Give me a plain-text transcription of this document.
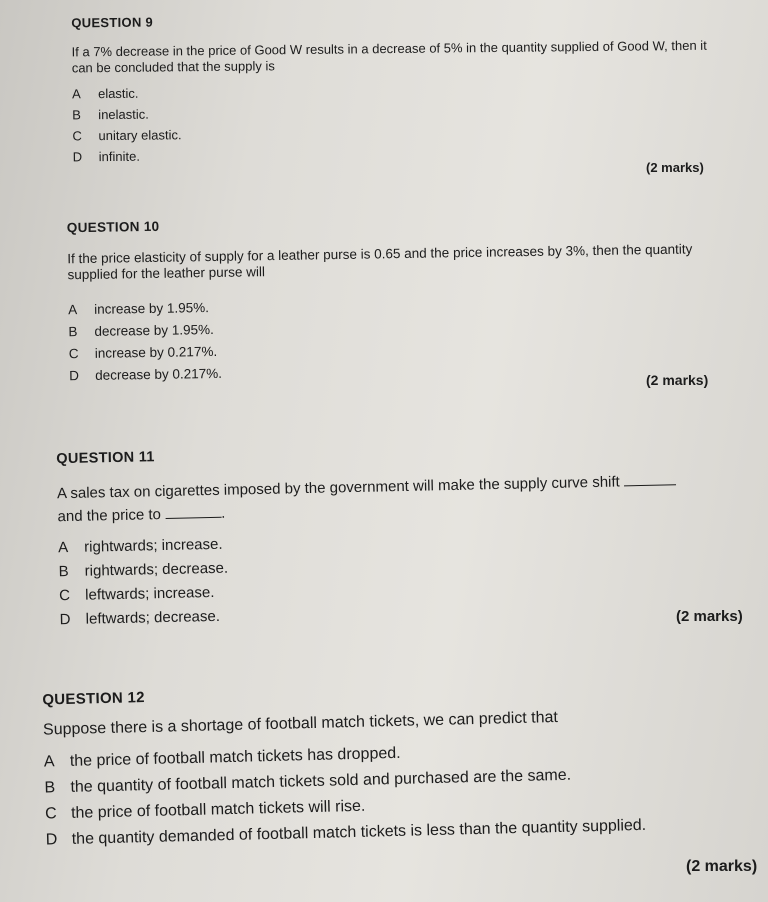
QUESTION 9

If a 7% decrease in the price of Good W results in a decrease of 5% in the quantity supplied of Good W, then it can be concluded that the supply is

A	elastic.
B	inelastic.
C	unitary elastic.
D	infinite.
(2 marks)
QUESTION 10

If the price elasticity of supply for a leather purse is 0.65 and the price increases by 3%, then the quantity supplied for the leather purse will

A	increase by 1.95%.
B	decrease by 1.95%.
C	increase by 0.217%.
D	decrease by 0.217%.	(2 marks)
QUESTION 11

A sales tax on cigarettes imposed by the government will make the supply curve shift
and the price to	.

A rightwards; increase.
B rightwards; decrease.
C leftwards; increase.
D leftwards; decrease.	(2 marks)
QUESTION 12

Suppose there is a shortage of football match tickets, we can predict that

A the price of football match tickets has dropped.
B the quantity of football match tickets sold and purchased are the same.
C the price of football match tickets will rise.
D the quantity demanded of football match tickets is less than the quantity supplied.
(2 marks)
